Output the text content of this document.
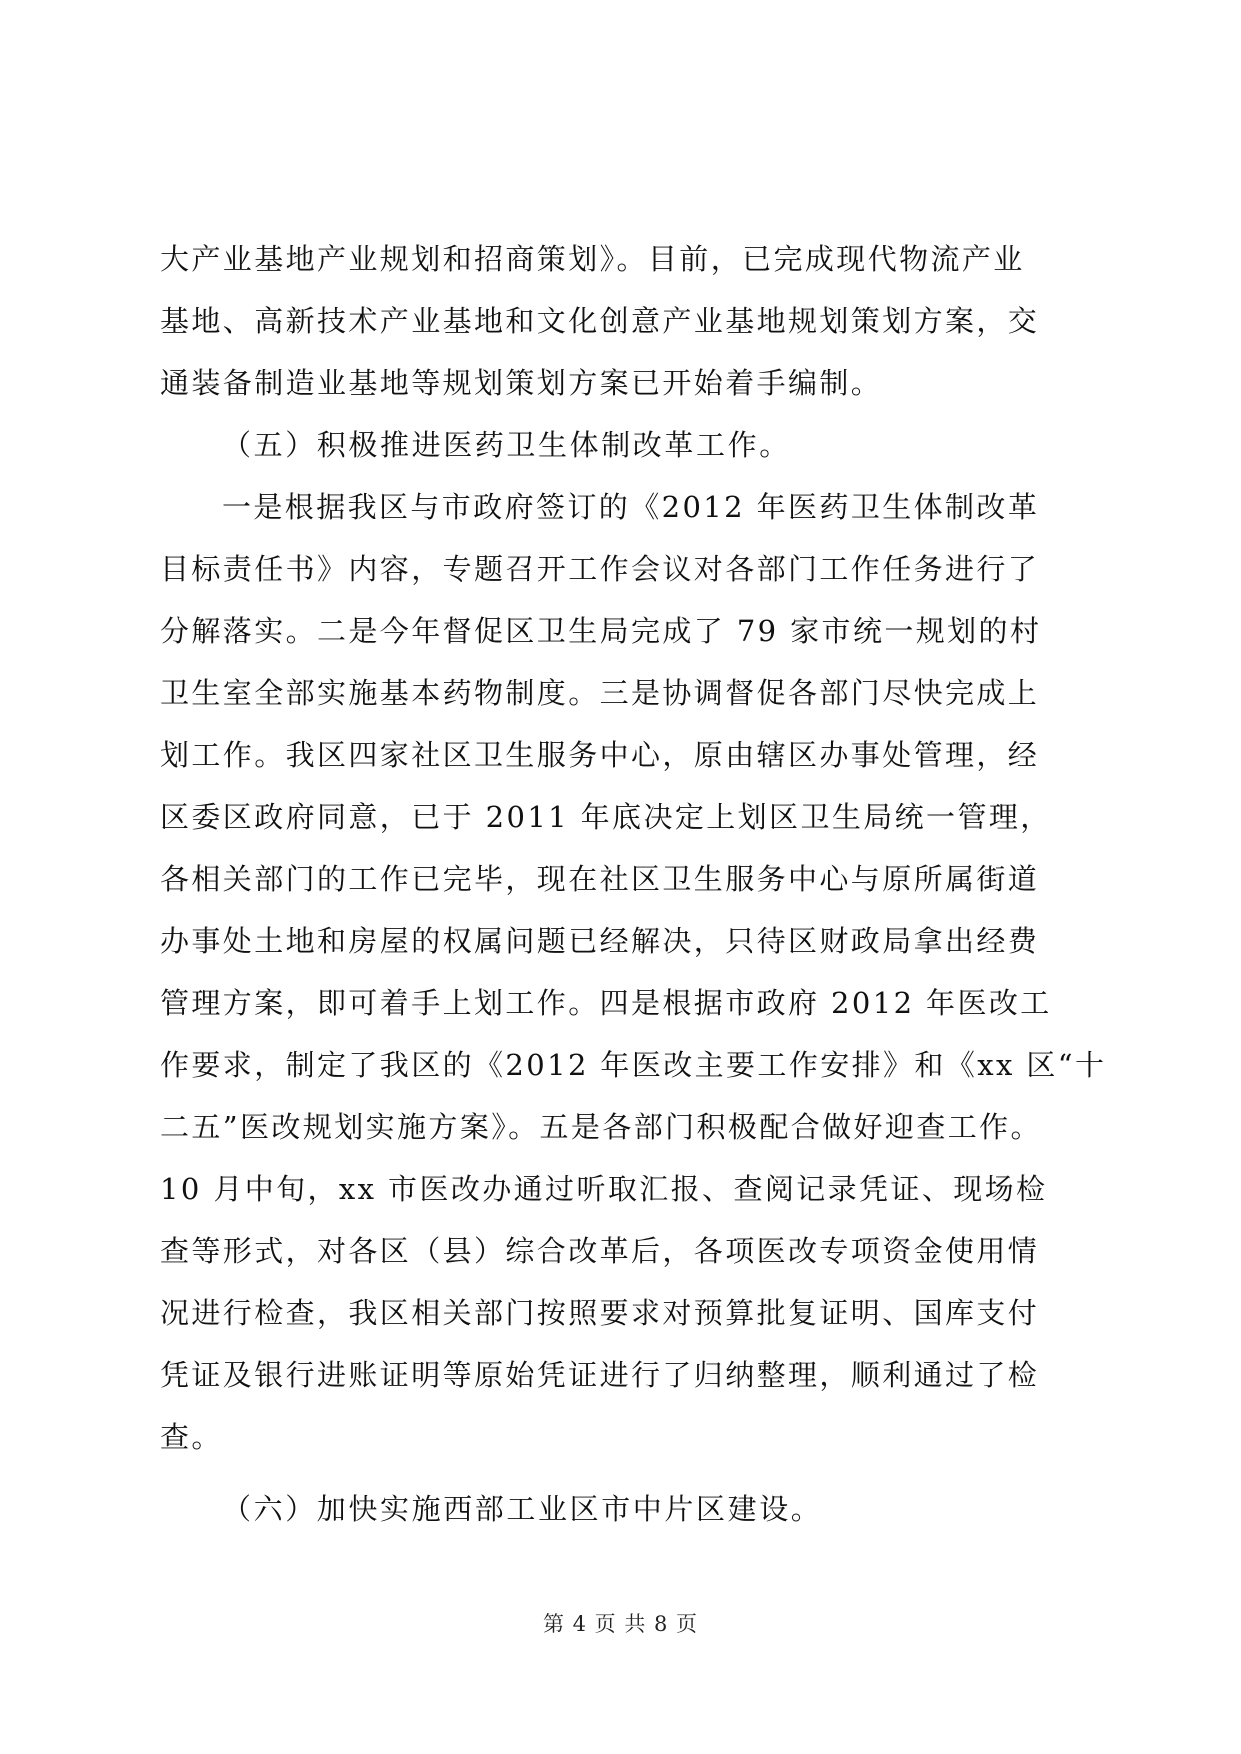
大产业基地产业规划和招商策划》。目前，已完成现代物流产业
基地、高新技术产业基地和文化创意产业基地规划策划方案，交
通装备制造业基地等规划策划方案已开始着手编制。
（五）积极推进医药卫生体制改革工作。
一是根据我区与市政府签订的《2012 年医药卫生体制改革
目标责任书》内容，专题召开工作会议对各部门工作任务进行了
分解落实。二是今年督促区卫生局完成了 79 家市统一规划的村
卫生室全部实施基本药物制度。三是协调督促各部门尽快完成上
划工作。我区四家社区卫生服务中心，原由辖区办事处管理，经
区委区政府同意，已于 2011 年底决定上划区卫生局统一管理，
各相关部门的工作已完毕，现在社区卫生服务中心与原所属街道
办事处土地和房屋的权属问题已经解决，只待区财政局拿出经费
管理方案，即可着手上划工作。四是根据市政府 2012 年医改工
作要求，制定了我区的《2012 年医改主要工作安排》和《xx 区“十
二五”医改规划实施方案》。五是各部门积极配合做好迎查工作。
10 月中旬，xx 市医改办通过听取汇报、查阅记录凭证、现场检
查等形式，对各区（县）综合改革后，各项医改专项资金使用情
况进行检查，我区相关部门按照要求对预算批复证明、国库支付
凭证及银行进账证明等原始凭证进行了归纳整理，顺利通过了检
查。
（六）加快实施西部工业区市中片区建设。
第 4 页 共 8 页
